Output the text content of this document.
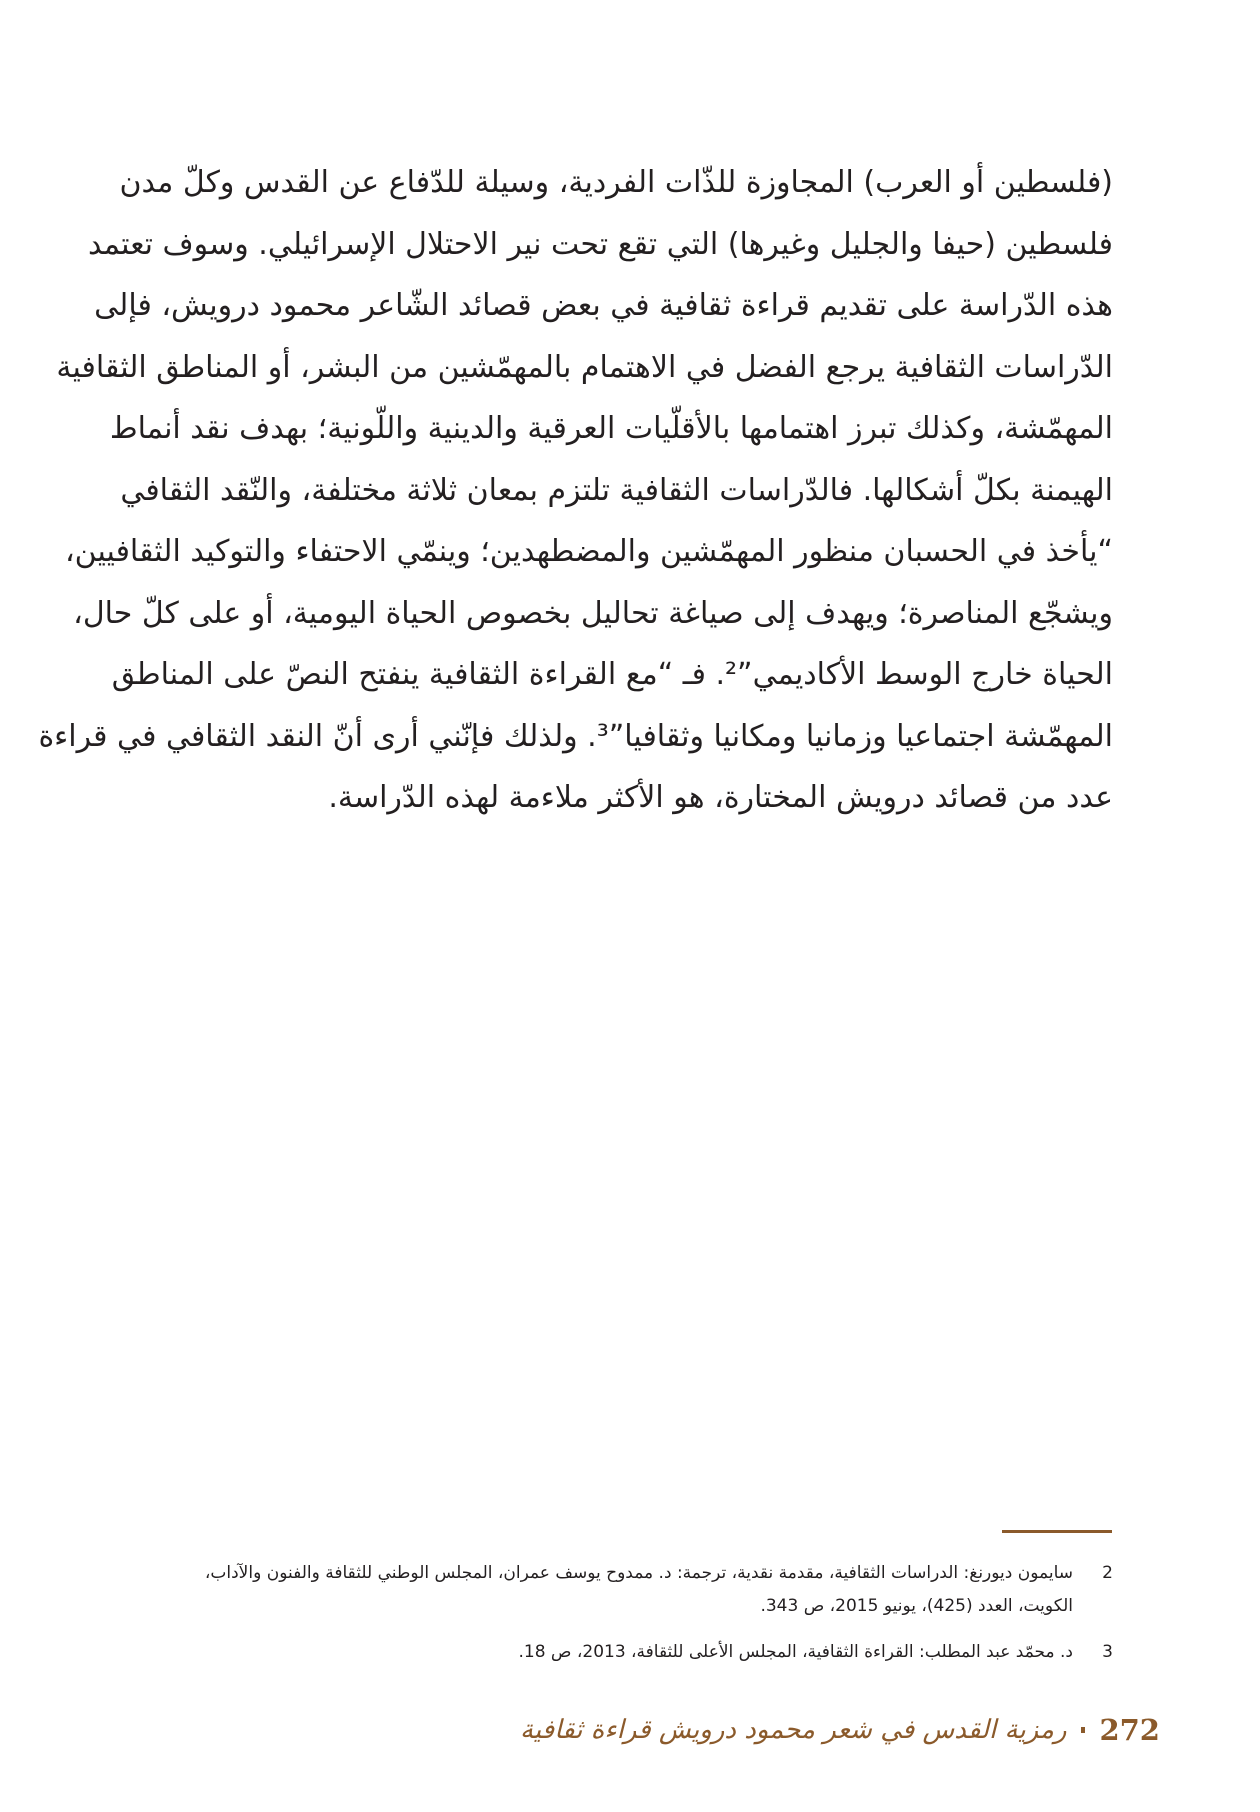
(فلسطين أو العرب) المجاوزة للذّات الفردية، وسيلة للدّفاع عن القدس وكلّ مدن
فلسطين (حيفا والجليل وغيرها) التي تقع تحت نير الاحتلال الإسرائيلي. وسوف تعتمد
هذه الدّراسة على تقديم قراءة ثقافية في بعض قصائد الشّاعر محمود درويش، فإلى
الدّراسات الثقافية يرجع الفضل في الاهتمام بالمهمّشين من البشر، أو المناطق الثقافية
المهمّشة، وكذلك تبرز اهتمامها بالأقلّيات العرقية والدينية واللّونية؛ بهدف نقد أنماط
الهيمنة بكلّ أشكالها. فالدّراسات الثقافية تلتزم بمعان ثلاثة مختلفة، والنّقد الثقافي
“يأخذ في الحسبان منظور المهمّشين والمضطهدين؛ وينمّي الاحتفاء والتوكيد الثقافيين،
ويشجّع المناصرة؛ ويهدف إلى صياغة تحاليل بخصوص الحياة اليومية، أو على كلّ حال،
الحياة خارج الوسط الأكاديمي”². فـ “مع القراءة الثقافية ينفتح النصّ على المناطق
المهمّشة اجتماعيا وزمانيا ومكانيا وثقافيا”³. ولذلك فإنّني أرى أنّ النقد الثقافي في قراءة
عدد من قصائد درويش المختارة، هو الأكثر ملاءمة لهذه الدّراسة.
2
سايمون ديورنغ: الدراسات الثقافية، مقدمة نقدية، ترجمة: د. ممدوح يوسف عمران، المجلس الوطني للثقافة والفنون والآداب،
الكويت، العدد (425)، يونيو 2015، ص 343.
3
د. محمّد عبد المطلب: القراءة الثقافية، المجلس الأعلى للثقافة، 2013، ص 18.
رمزية القدس في شعر محمود درويش قراءة ثقافية 272
